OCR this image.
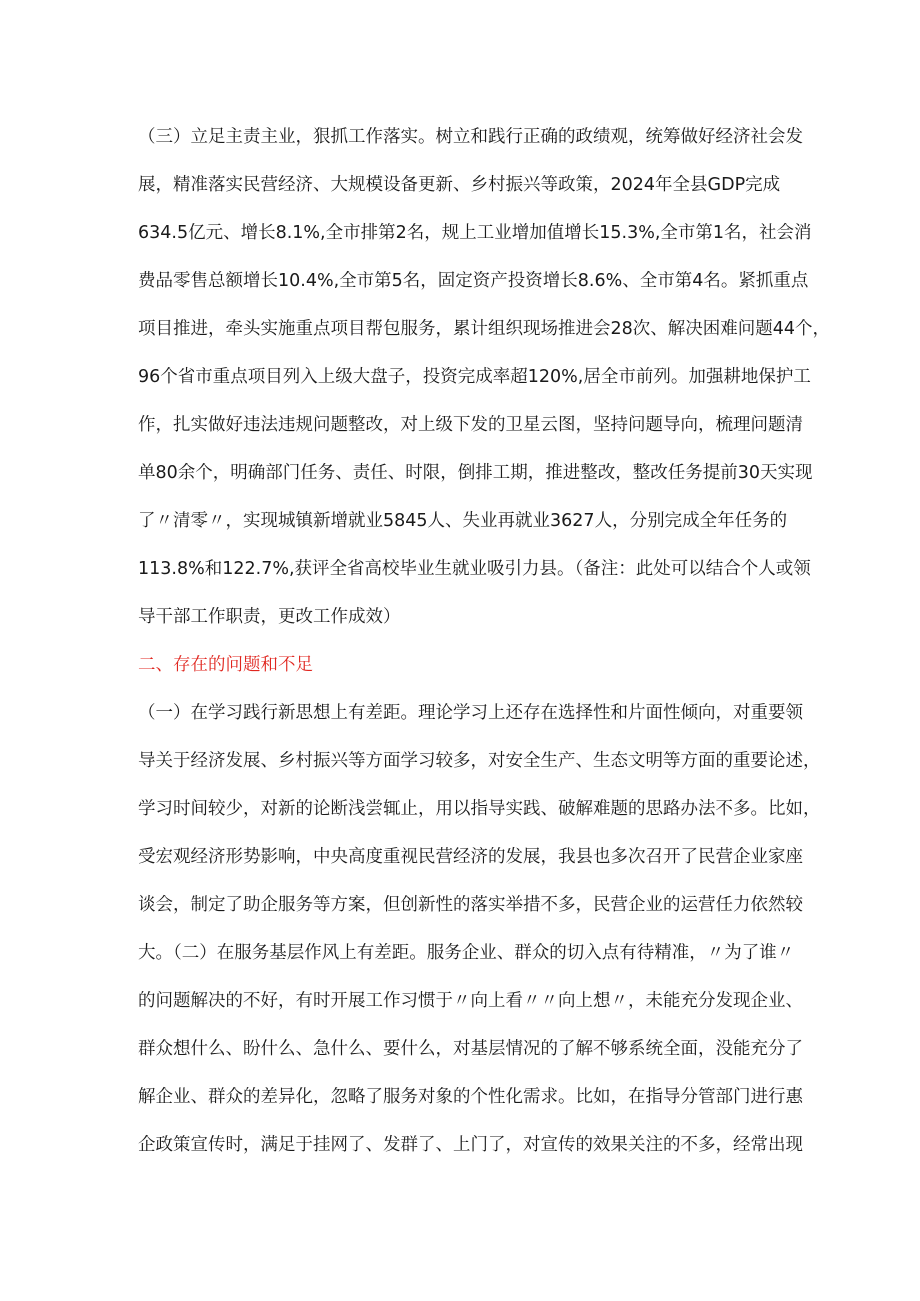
（三）立足主责主业，狠抓工作落实。树立和践行正确的政绩观，统筹做好经济社会发
展，精准落实民营经济、大规模设备更新、乡村振兴等政策，2024年全县GDP完成
634.5亿元、增长8.1%,全市排第2名，规上工业增加值增长15.3%,全市第1名，社会消
费品零售总额增长10.4%,全市第5名，固定资产投资增长8.6%、全市第4名。紧抓重点
项目推进，牵头实施重点项目帮包服务，累计组织现场推进会28次、解决困难问题44个，
96个省市重点项目列入上级大盘子，投资完成率超120%,居全市前列。加强耕地保护工
作，扎实做好违法违规问题整改，对上级下发的卫星云图，坚持问题导向，梳理问题清
单80余个，明确部门任务、责任、时限，倒排工期，推进整改，整改任务提前30天实现
了〃清零〃，实现城镇新增就业5845人、失业再就业3627人，分别完成全年任务的
113.8%和122.7%,获评全省高校毕业生就业吸引力县。（备注：此处可以结合个人或领
导干部工作职责，更改工作成效）
二、存在的问题和不足
（一）在学习践行新思想上有差距。理论学习上还存在选择性和片面性倾向，对重要领
导关于经济发展、乡村振兴等方面学习较多，对安全生产、生态文明等方面的重要论述，
学习时间较少，对新的论断浅尝辄止，用以指导实践、破解难题的思路办法不多。比如，
受宏观经济形势影响，中央高度重视民营经济的发展，我县也多次召开了民营企业家座
谈会，制定了助企服务等方案，但创新性的落实举措不多，民营企业的运营任力依然较
大。（二）在服务基层作风上有差距。服务企业、群众的切入点有待精准，〃为了谁〃
的问题解决的不好，有时开展工作习惯于〃向上看〃〃向上想〃，未能充分发现企业、
群众想什么、盼什么、急什么、要什么，对基层情况的了解不够系统全面，没能充分了
解企业、群众的差异化，忽略了服务对象的个性化需求。比如，在指导分管部门进行惠
企政策宣传时，满足于挂网了、发群了、上门了，对宣传的效果关注的不多，经常出现
